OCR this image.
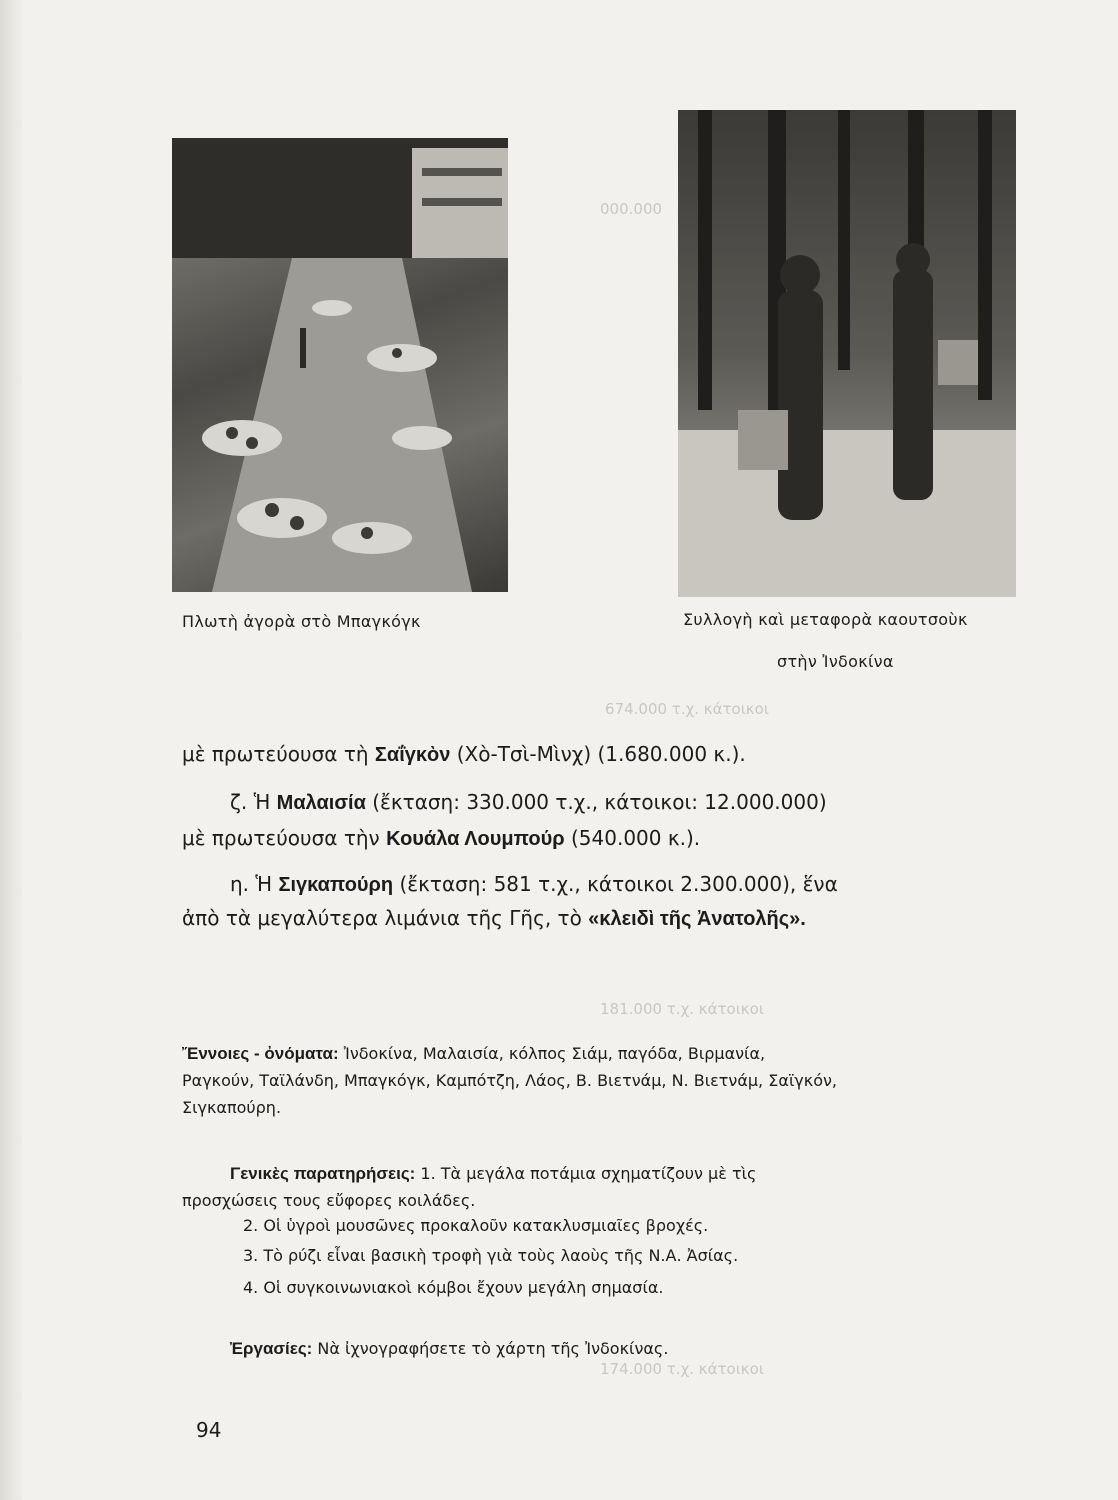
000.000
674.000 τ.χ. κάτοικοι
181.000 τ.χ. κάτοικοι
174.000 τ.χ. κάτοικοι
Πλωτὴ ἀγορὰ στὸ Μπαγκόγκ	Συλλογὴ καὶ μεταφορὰ καουτσοὺκ
στὴν Ἰνδοκίνα
μὲ πρωτεύουσα τὴ Σαΐγκὸν (Χὸ-Τσὶ-Μὶνχ) (1.680.000 κ.).
ζ. Ἡ Μαλαισία (ἔκταση: 330.000 τ.χ., κάτοικοι: 12.000.000)
μὲ πρωτεύουσα τὴν Κουάλα Λουμπούρ (540.000 κ.).
η. Ἡ Σιγκαπούρη (ἔκταση: 581 τ.χ., κάτοικοι 2.300.000), ἕνα
ἀπὸ τὰ μεγαλύτερα λιμάνια τῆς Γῆς, τὸ «κλειδὶ τῆς Ἀνατολῆς».
Ἔννοιες - ὀνόματα: Ἰνδοκίνα, Μαλαισία, κόλπος Σιάμ, παγόδα, Βιρμανία, Ραγκούν, Ταϊλάνδη, Μπαγκόγκ, Καμπότζη, Λάος, Β. Βιετνάμ, Ν. Βιετνάμ, Σαϊγκόν, Σιγκαπούρη.
Γενικὲς παρατηρήσεις: 1. Τὰ μεγάλα ποτάμια σχηματίζουν μὲ τὶς προσχώσεις τους εὔφορες κοιλάδες.
2. Οἱ ὑγροὶ μουσῶνες προκαλοῦν κατακλυσμιαῖες βροχές.
3. Τὸ ρύζι εἶναι βασικὴ τροφὴ γιὰ τοὺς λαοὺς τῆς Ν.Α. Ἀσίας.
4. Οἱ συγκοινωνιακοὶ κόμβοι ἔχουν μεγάλη σημασία.
Ἐργασίες: Νὰ ἰχνογραφήσετε τὸ χάρτη τῆς Ἰνδοκίνας.
94
